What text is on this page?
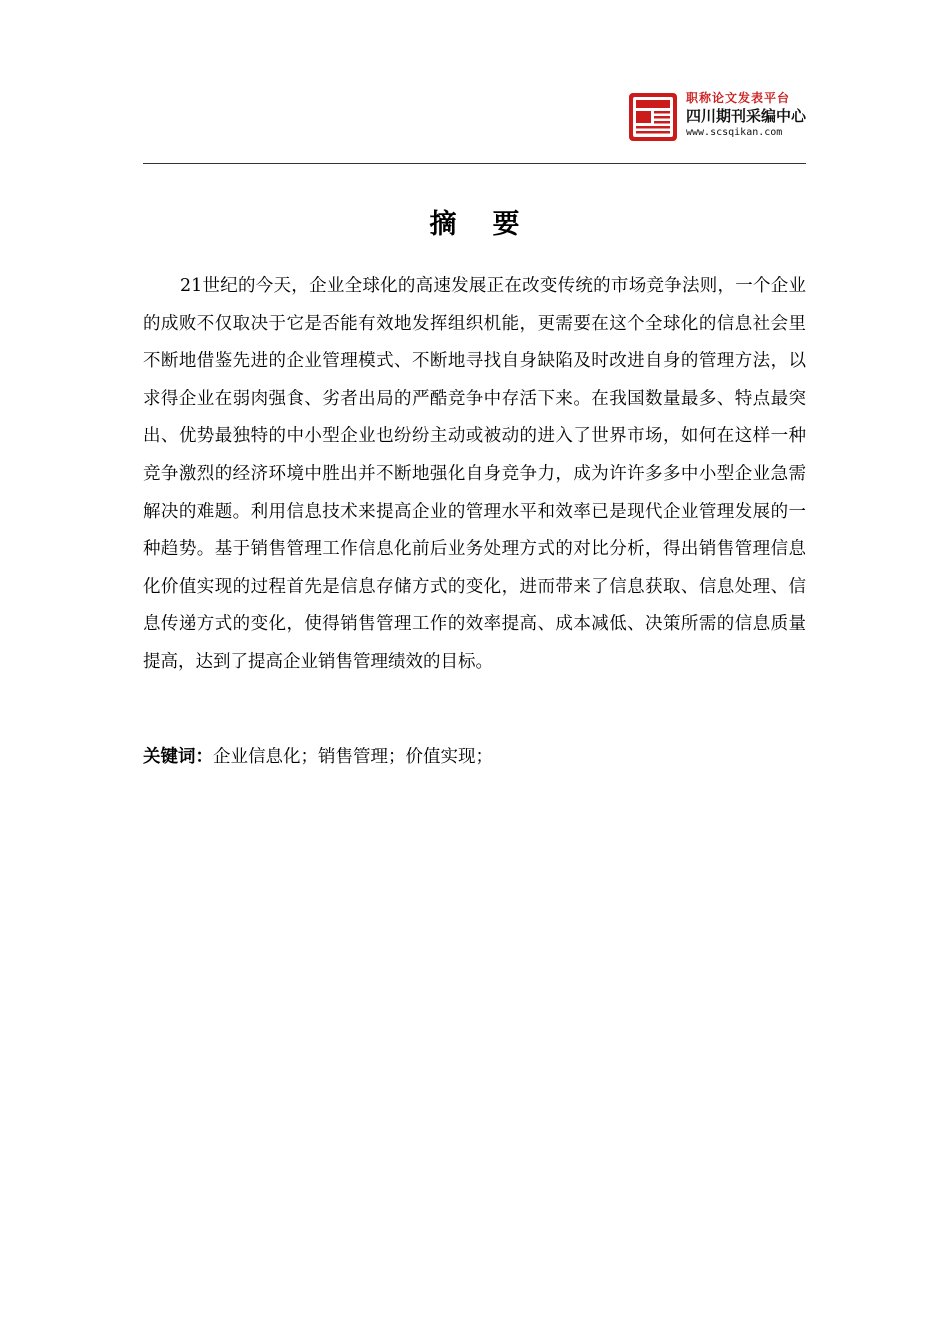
职称论文发表平台
四川期刊采编中心
www.scsqikan.com
摘要

21世纪的今天，企业全球化的高速发展正在改变传统的市场竞争法则，一个企业的成败不仅取决于它是否能有效地发挥组织机能，更需要在这个全球化的信息社会里不断地借鉴先进的企业管理模式、不断地寻找自身缺陷及时改进自身的管理方法，以求得企业在弱肉强食、劣者出局的严酷竞争中存活下来。在我国数量最多、特点最突出、优势最独特的中小型企业也纷纷主动或被动的进入了世界市场，如何在这样一种竞争激烈的经济环境中胜出并不断地强化自身竞争力，成为许许多多中小型企业急需解决的难题。利用信息技术来提高企业的管理水平和效率已是现代企业管理发展的一种趋势。基于销售管理工作信息化前后业务处理方式的对比分析，得出销售管理信息化价值实现的过程首先是信息存储方式的变化，进而带来了信息获取、信息处理、信息传递方式的变化，使得销售管理工作的效率提高、成本减低、决策所需的信息质量提高，达到了提高企业销售管理绩效的目标。

关键词：企业信息化；销售管理；价值实现；
